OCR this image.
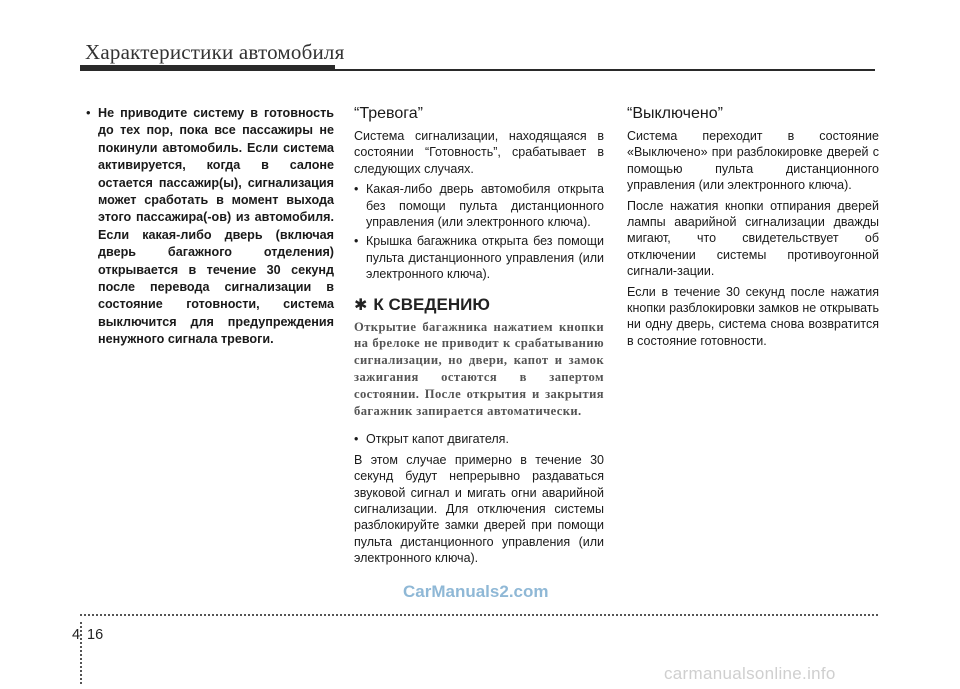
Характеристики автомобиля
• Не приводите систему в готовность до тех пор, пока все пассажиры не покинули автомобиль. Если система активируется, когда в салоне остается пассажир(ы), сигнализация может сработать в момент выхода этого пассажира(-ов) из автомобиля. Если какая-либо дверь (включая дверь багажного отделения) открывается в течение 30 секунд после перевода сигнализации в состояние готовности, система выключится для предупреждения ненужного сигнала тревоги.
“Тревога”

Система сигнализации, находящаяся в состоянии “Готовность”, срабатывает в следующих случаях.

• Какая-либо дверь автомобиля открыта без помощи пульта дистанционного управления (или электронного ключа).
• Крышка багажника открыта без помощи пульта дистанционного управления (или электронного ключа).
✱ К СВЕДЕНИЮ
Открытие багажника нажатием кнопки на брелоке не приводит к срабатыванию сигнализации, но двери, капот и замок зажигания остаются в запертом состоянии. После открытия и закрытия багажник запирается автоматически.
• Открыт капот двигателя.

В этом случае примерно в течение 30 секунд будут непрерывно раздаваться звуковой сигнал и мигать огни аварийной сигнализации. Для отключения системы разблокируйте замки дверей при помощи пульта дистанционного управления (или электронного ключа).

“Выключено”

Система переходит в состояние «Выключено» при разблокировке дверей с помощью пульта дистанционного управления (или электронного ключа).

После нажатия кнопки отпирания дверей лампы аварийной сигнализации дважды мигают, что свидетельствует об отключении системы противоугонной сигнали-зации.

Если в течение 30 секунд после нажатия кнопки разблокировки замков не открывать ни одну дверь, система снова возвратится в состояние готовности.

CarManuals2.com
4 16
carmanualsonline.info
